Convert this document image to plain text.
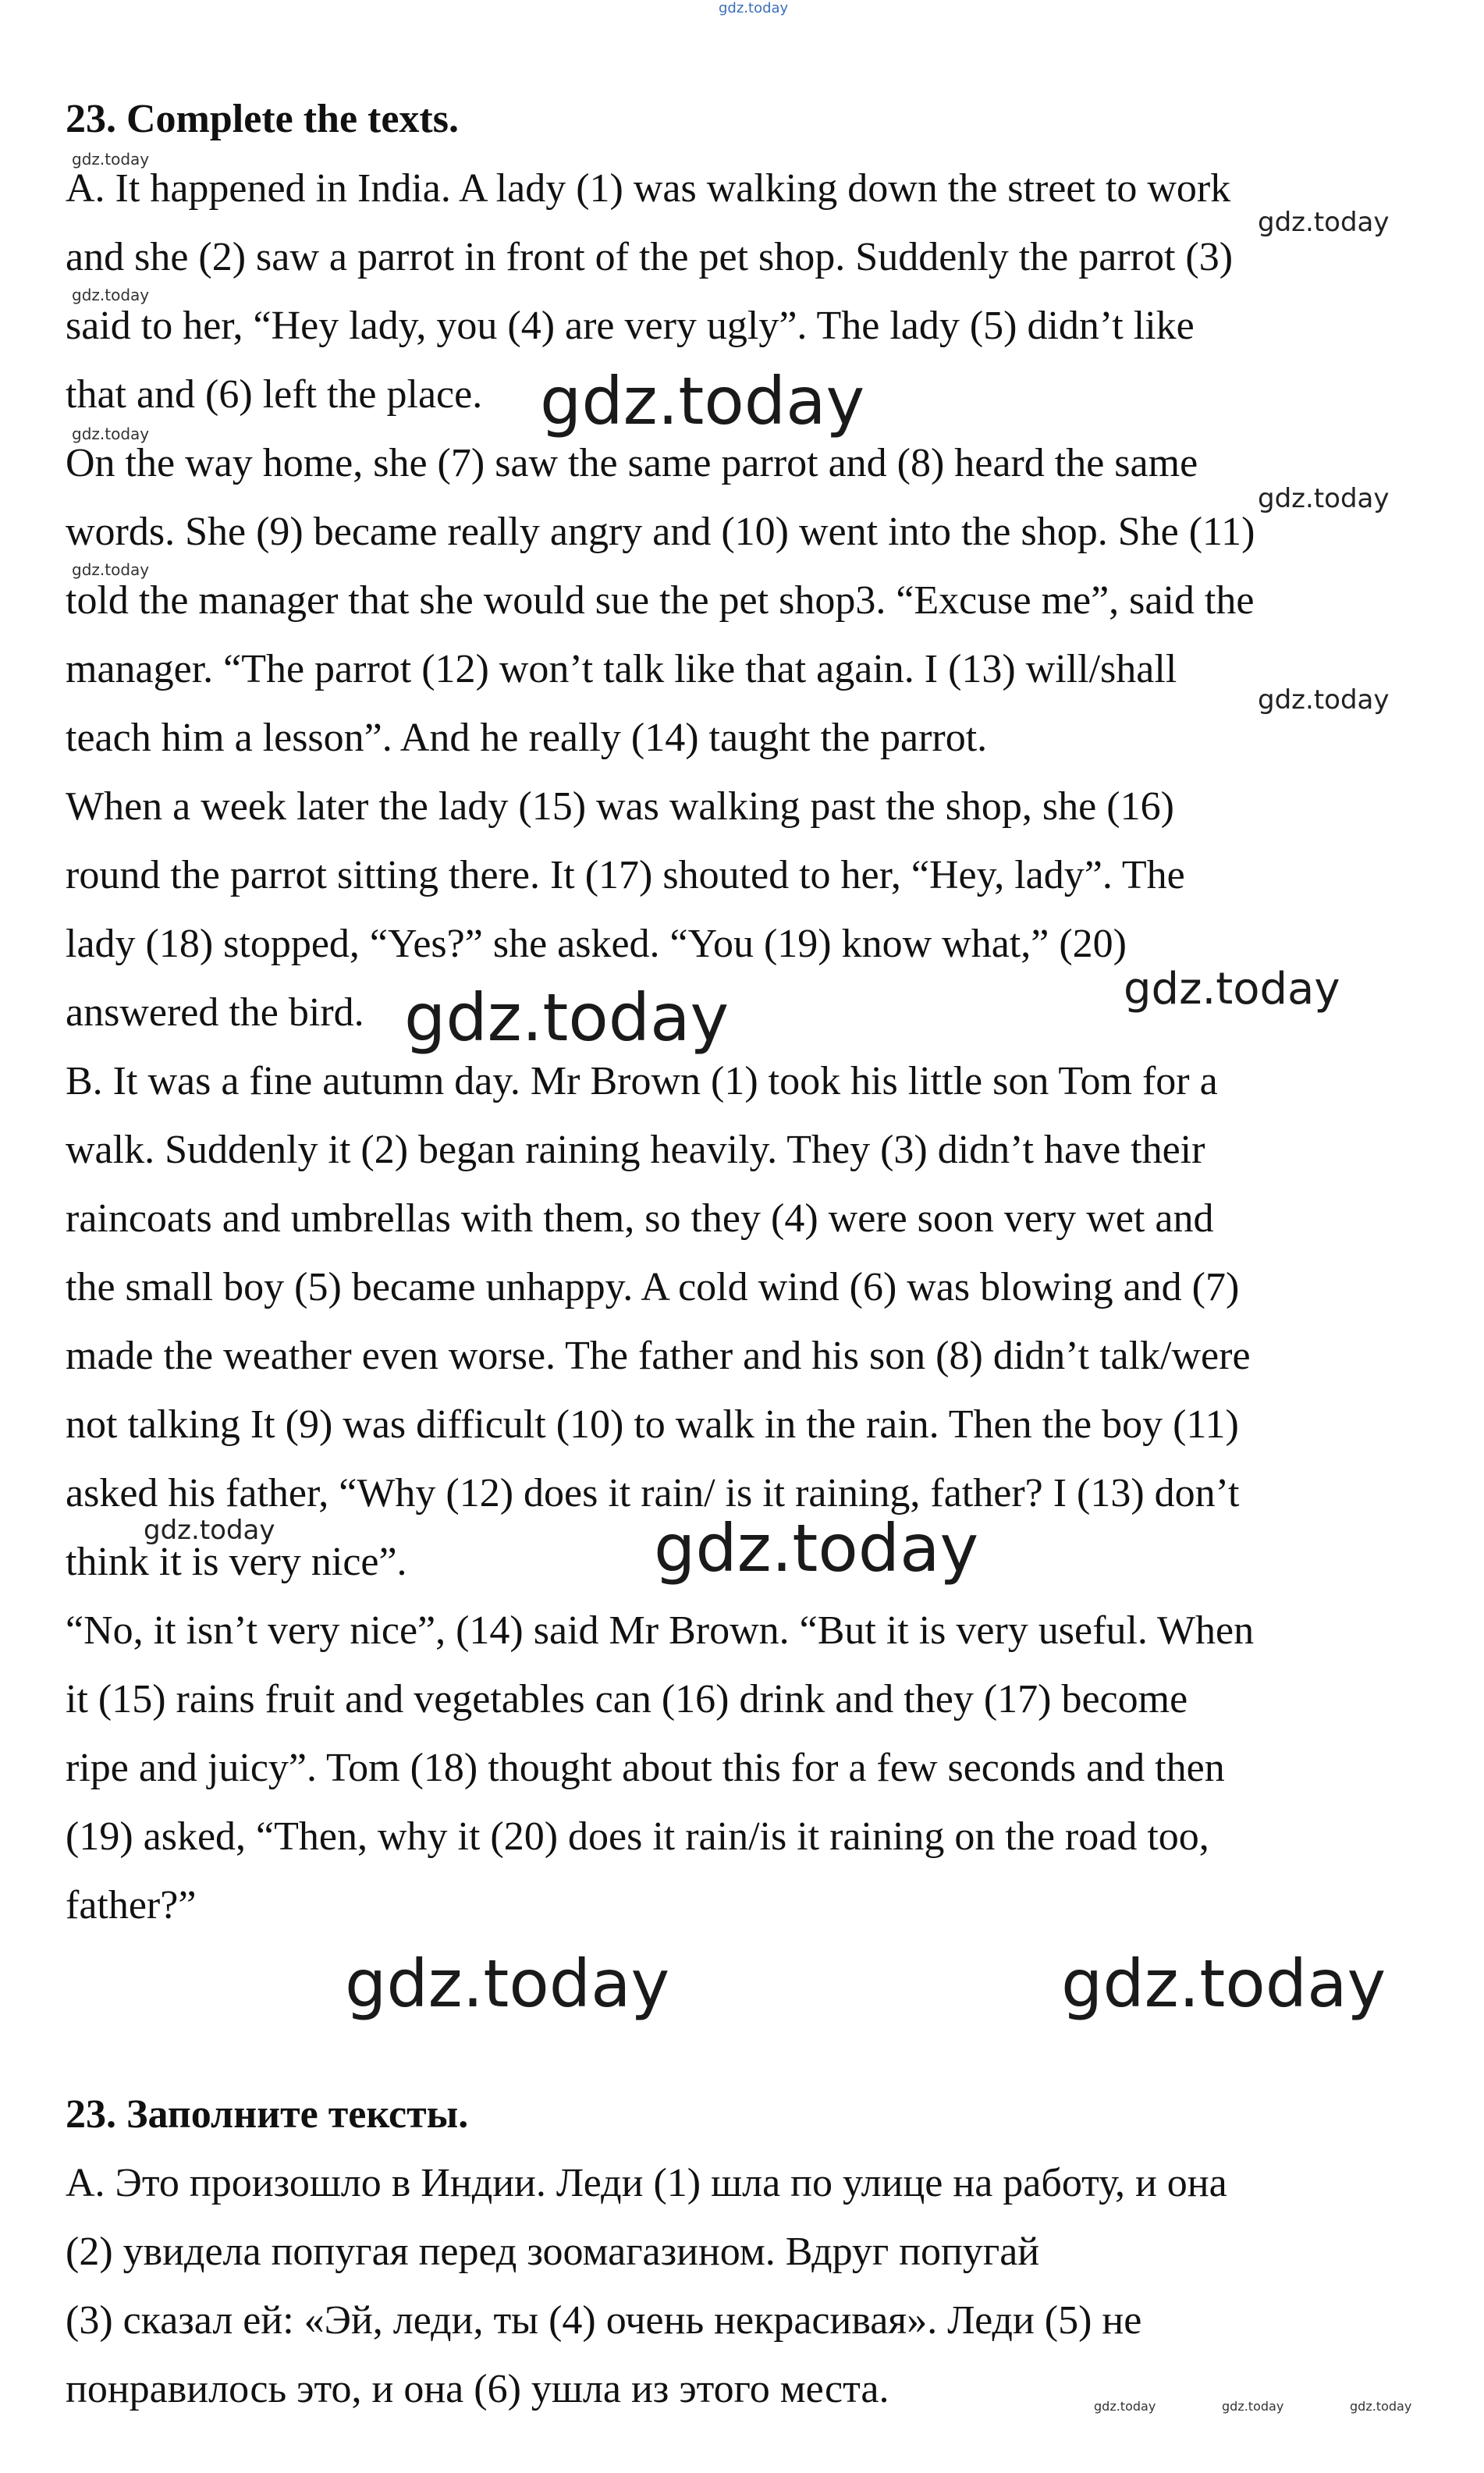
gdz.today
23. Complete the texts.
A. It happened in India. A lady (1) was walking down the street to work
and she (2) saw a parrot in front of the pet shop. Suddenly the parrot (3)
said to her, “Hey lady, you (4) are very ugly”. The lady (5) didn’t like
that and (6) left the place.
On the way home, she (7) saw the same parrot and (8) heard the same
words. She (9) became really angry and (10) went into the shop. She (11)
told the manager that she would sue the pet shop3. “Excuse me”, said the
manager. “The parrot (12) won’t talk like that again. I (13) will/shall
teach him a lesson”. And he really (14) taught the parrot.
When a week later the lady (15) was walking past the shop, she (16)
round the parrot sitting there. It (17) shouted to her, “Hey, lady”. The
lady (18) stopped, “Yes?” she asked. “You (19) know what,” (20)
answered the bird.
B. It was a fine autumn day. Mr Brown (1) took his little son Tom for a
walk. Suddenly it (2) began raining heavily. They (3) didn’t have their
raincoats and umbrellas with them, so they (4) were soon very wet and
the small boy (5) became unhappy. A cold wind (6) was blowing and (7)
made the weather even worse. The father and his son (8) didn’t talk/were
not talking It (9) was difficult (10) to walk in the rain. Then the boy (11)
asked his father, “Why (12) does it rain/ is it raining, father? I (13) don’t
think it is very nice”.
“No, it isn’t very nice”, (14) said Mr Brown. “But it is very useful. When
it (15) rains fruit and vegetables can (16) drink and they (17) become
ripe and juicy”. Tom (18) thought about this for a few seconds and then
(19) asked, “Then, why it (20) does it rain/is it raining on the road too,
father?”
23. Заполните тексты.
А. Это произошло в Индии. Леди (1) шла по улице на работу, и она
(2) увидела попугая перед зоомагазином. Вдруг попугай
(3) сказал ей: «Эй, леди, ты (4) очень некрасивая». Леди (5) не
понравилось это, и она (6) ушла из этого места.
gdz.today
gdz.today
gdz.today
gdz.today
gdz.today
gdz.today
gdz.today
gdz.today
gdz.today
gdz.today
gdz.today
gdz.today
gdz.today	gdz.today
gdz.today	gdz.today	gdz.today
